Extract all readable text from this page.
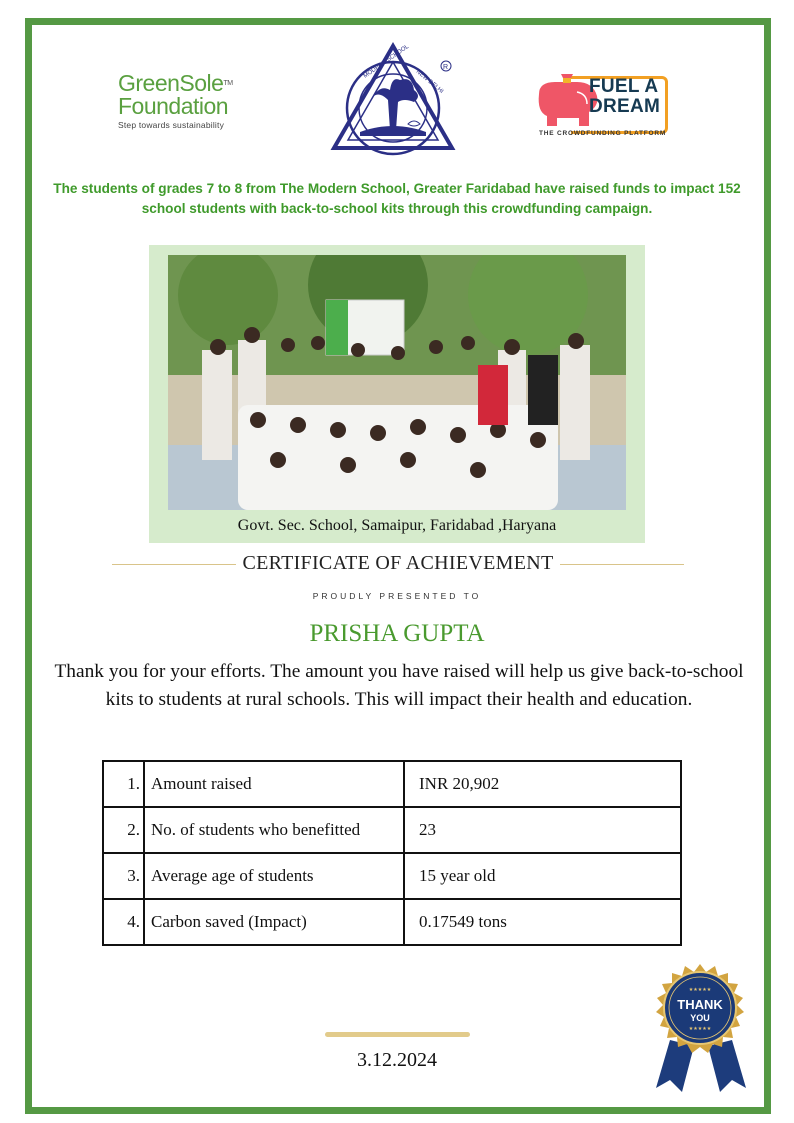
GreenSole™
Foundation
Step towards sustainability
MODERN SCHOOL
NEW DELHI
R
FUEL A
DREAM
THE CROWDFUNDING PLATFORM
The students of grades 7 to 8 from The Modern School, Greater Faridabad have raised funds to impact 152 school students with back-to-school kits through this crowdfunding campaign.
Govt. Sec. School, Samaipur, Faridabad ,Haryana
CERTIFICATE OF ACHIEVEMENT
PROUDLY PRESENTED TO
PRISHA GUPTA
Thank you for your efforts. The amount you have raised will help us give back-to-school kits to students at rural schools. This will impact their health and education.
1.	Amount raised	INR 20,902
2.	No. of students who benefitted	23
3.	Average age of students	15 year old
4.	Carbon saved (Impact)	0.17549 tons
3.12.2024
★★★★★
THANK
YOU
★★★★★
